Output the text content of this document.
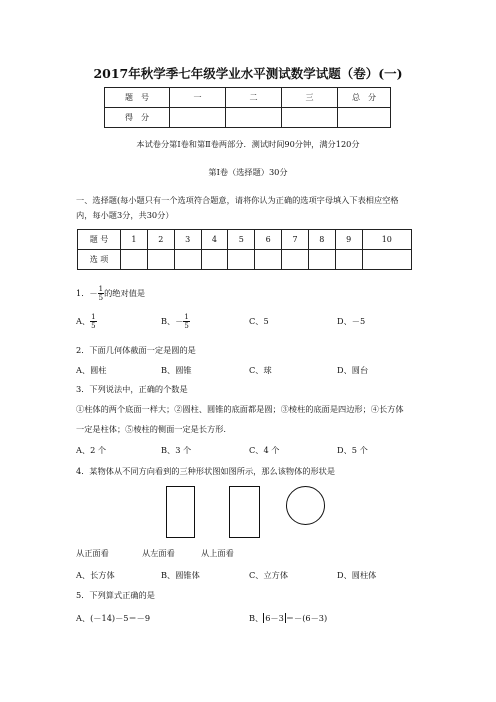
2017年秋学季七年级学业水平测试数学试题（卷）(一)
题　号	一	二	三	总　分
得　分				
本试卷分第Ⅰ卷和第Ⅱ卷两部分．测试时间90分钟，满分120分
第Ⅰ卷（选择题）30分
一、选择题(每小题只有一个选项符合题意，请将你认为正确的选项字母填入下表相应空格
内，每小题3分，共30分）
题 号	1	2	3	4	5	6	7	8	9	10
选 项										
1． － $\frac{1}{5}$ 的绝对值是
A、 $\frac{1}{5}$	B、 － $\frac{1}{5}$	C、5	D、－5
2．下面几何体截面一定是圆的是
A、圆柱	B、圆锥	C、球	D、圆台
3．下列说法中，正确的个数是
①柱体的两个底面一样大；②圆柱、圆锥的底面都是圆；③棱柱的底面是四边形；④长方体
一定是柱体；⑤棱柱的侧面一定是长方形.
A、2 个	B、3 个	C、4 个	D、5 个
4．某物体从不同方向看到的三种形状图如图所示，那么该物体的形状是
从正面看	从左面看	从上面看
A、长方体	B、圆锥体	C、立方体	D、圆柱体
5．下列算式正确的是
A、(－14)－5＝－9	B、 6－3 ＝－(6－3)
